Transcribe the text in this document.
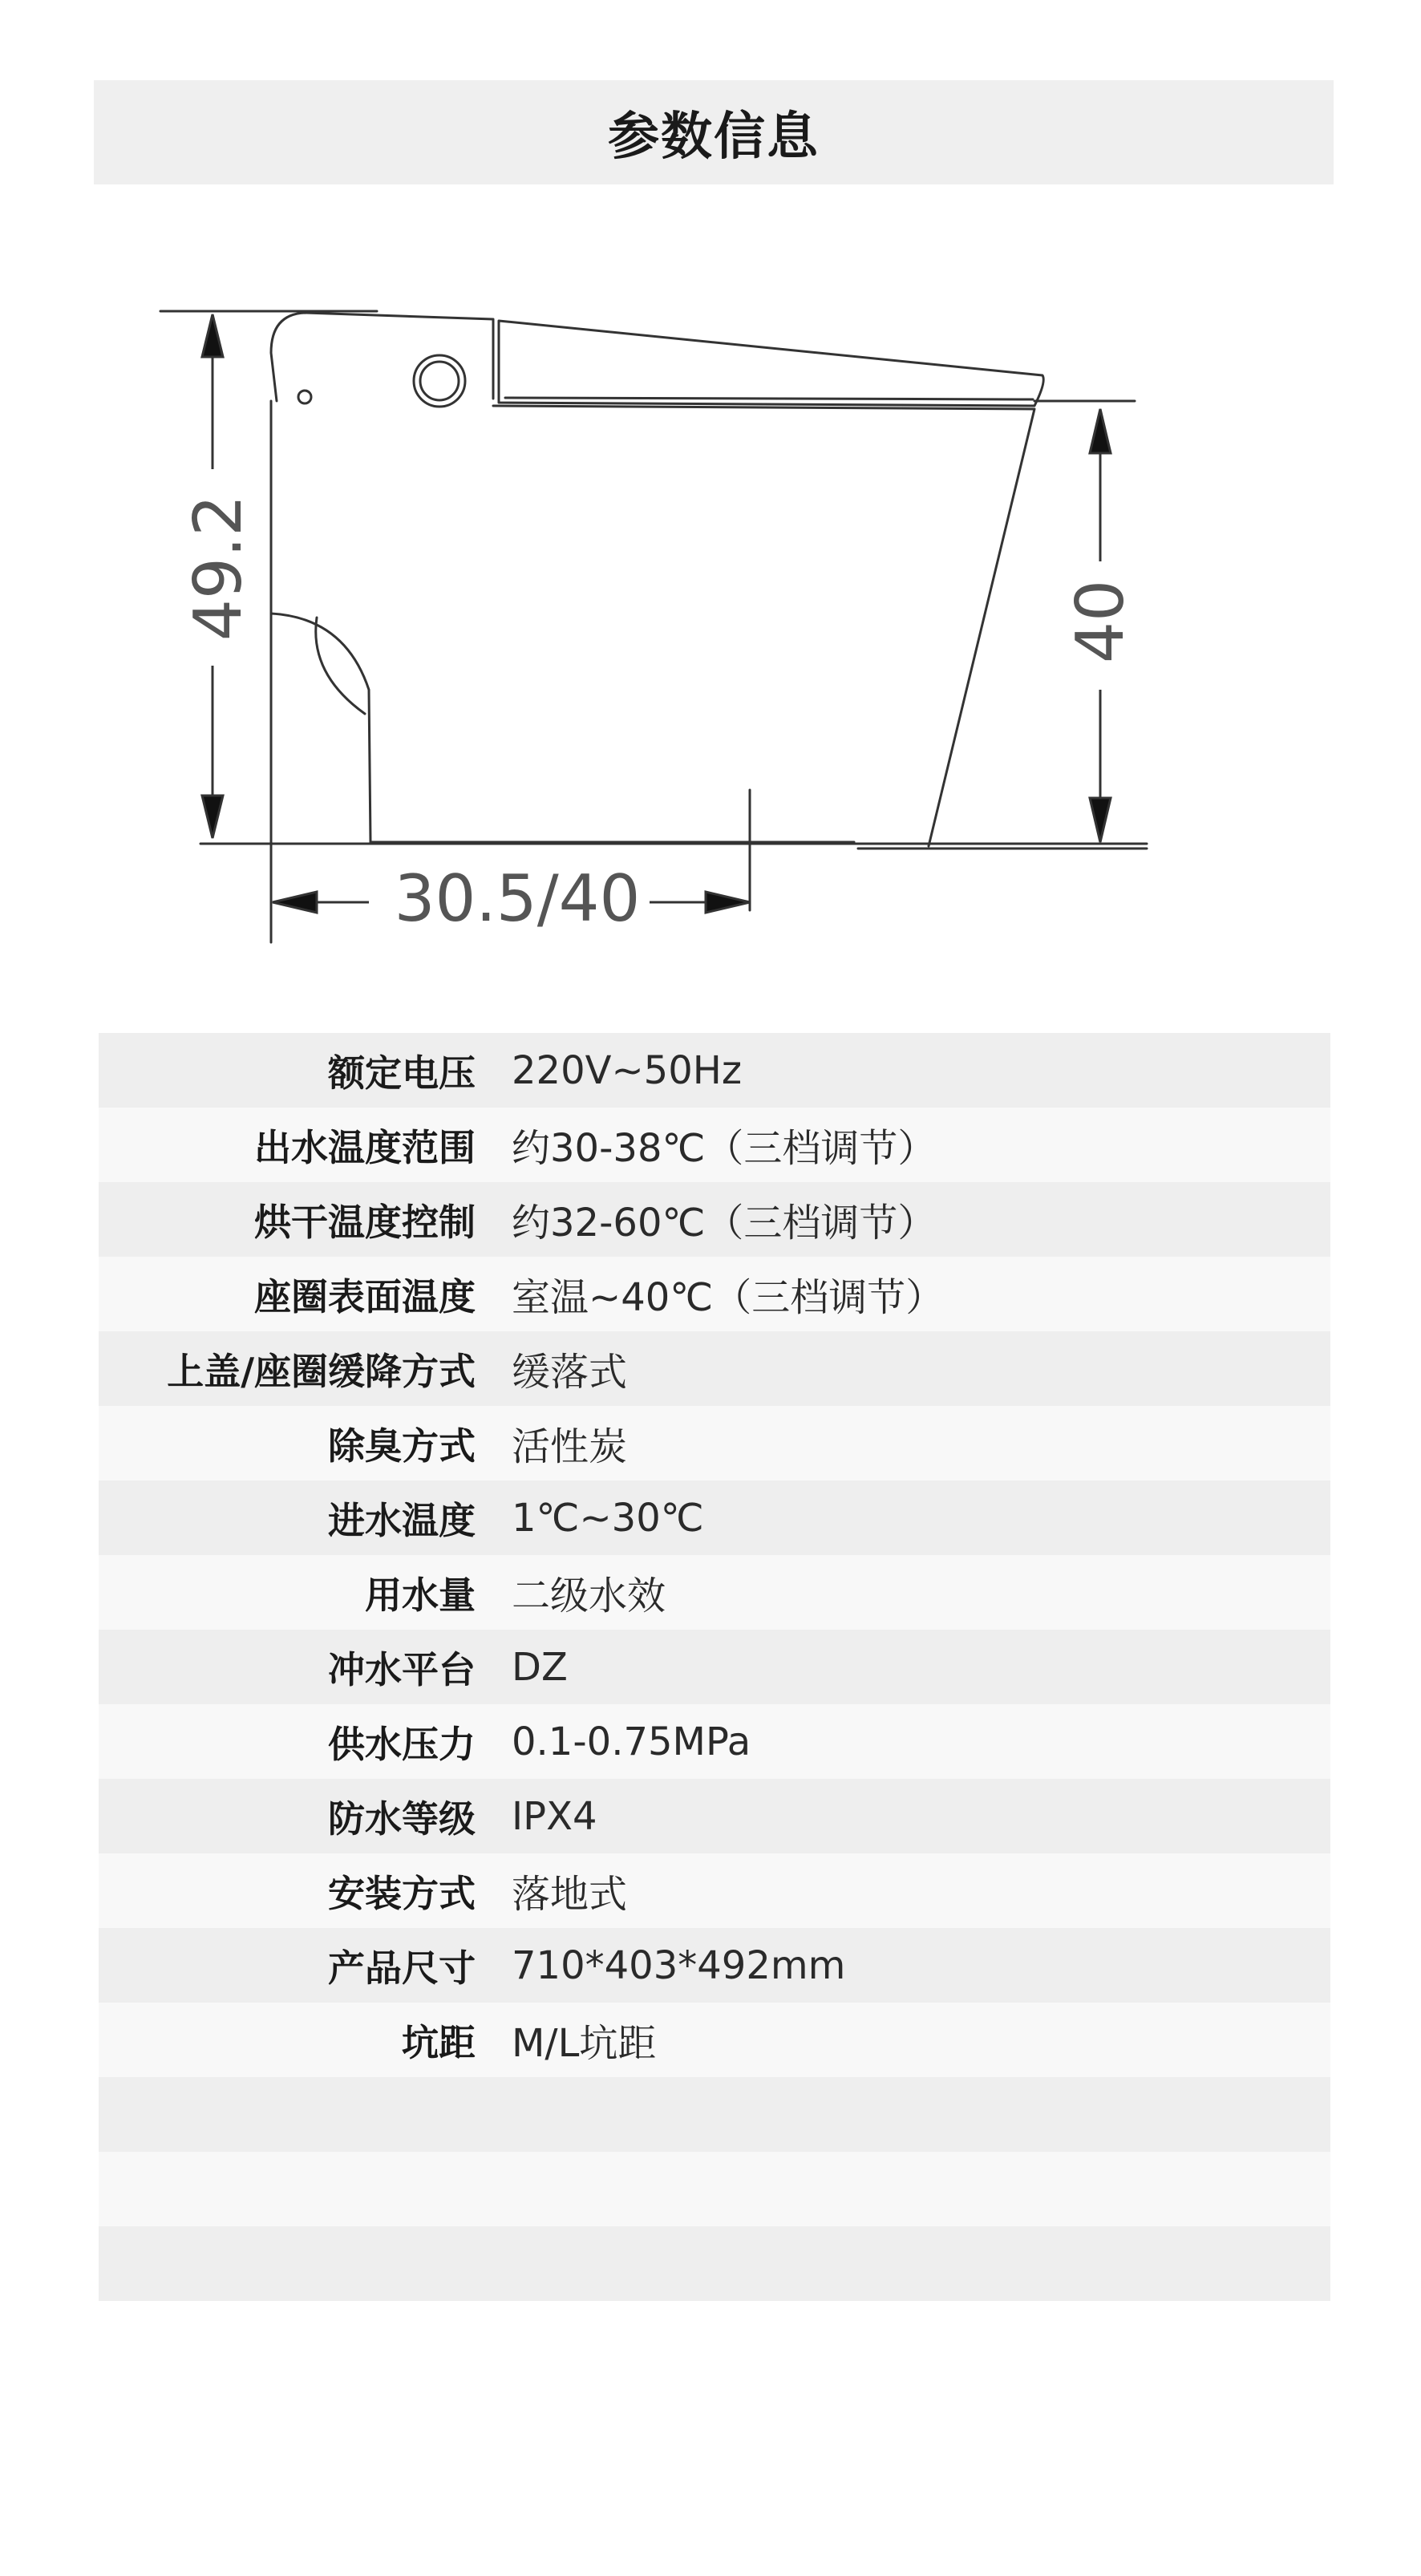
参数信息
49.2	40
30.5/40
额定电压 220V~50Hz
出水温度范围 约30-38℃（三档调节）
烘干温度控制 约32-60℃（三档调节）
座圈表面温度 室温~40℃（三档调节）
上盖/座圈缓降方式 缓落式
除臭方式 活性炭
进水温度 1℃~30℃
用水量 二级水效
冲水平台 DZ
供水压力 0.1-0.75MPa
防水等级 IPX4
安装方式 落地式
产品尺寸 710*403*492mm
坑距 M/L坑距
